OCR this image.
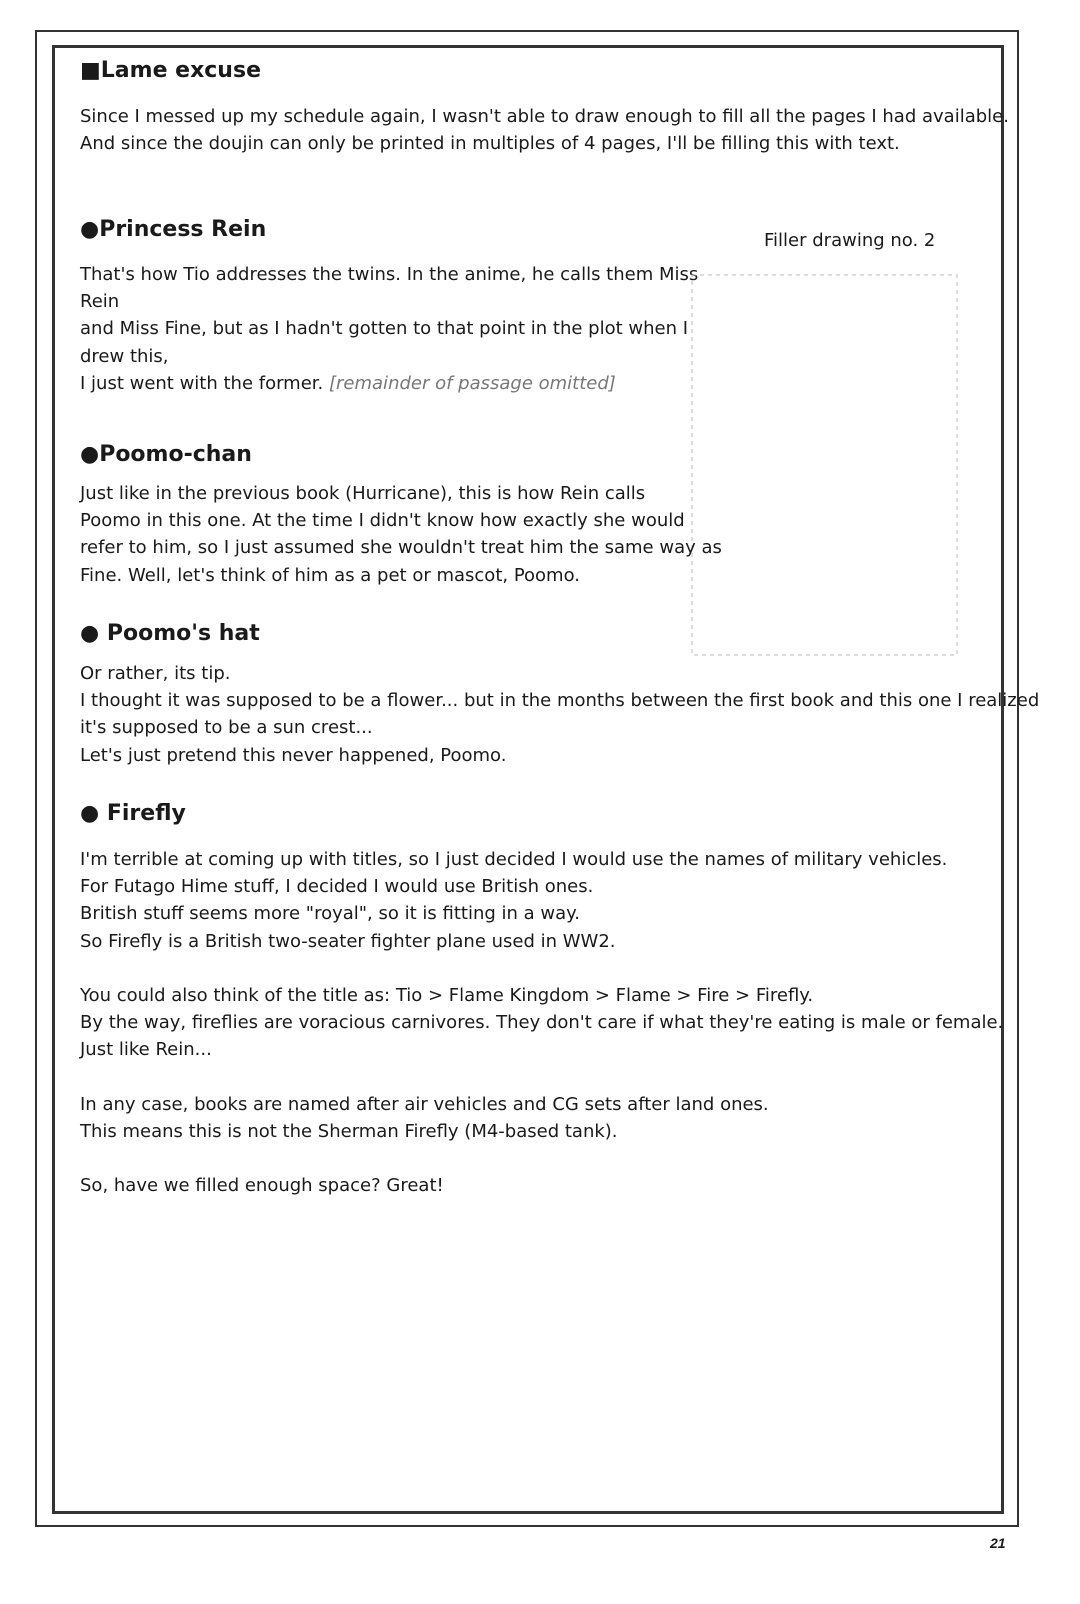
■Lame excuse
Since I messed up my schedule again, I wasn't able to draw enough to fill all the pages I had available.
And since the doujin can only be printed in multiples of 4 pages, I'll be filling this with text.
●Princess Rein
That's how Tio addresses the twins. In the anime, he calls them Miss Rein
and Miss Fine, but as I hadn't gotten to that point in the plot when I drew this,
I just went with the former. [remainder of passage omitted]
Filler drawing no. 2
●Poomo-chan
Just like in the previous book (Hurricane), this is how Rein calls
Poomo in this one. At the time I didn't know how exactly she would
refer to him, so I just assumed she wouldn't treat him the same way as
Fine. Well, let's think of him as a pet or mascot, Poomo.
● Poomo's hat
Or rather, its tip.
I thought it was supposed to be a flower... but in the months between the first book and this one I realized
it's supposed to be a sun crest...
Let's just pretend this never happened, Poomo.
● Firefly
I'm terrible at coming up with titles, so I just decided I would use the names of military vehicles.
For Futago Hime stuff, I decided I would use British ones.
British stuff seems more "royal", so it is fitting in a way.
So Firefly is a British two-seater fighter plane used in WW2.

You could also think of the title as: Tio > Flame Kingdom > Flame > Fire > Firefly.
By the way, fireflies are voracious carnivores. They don't care if what they're eating is male or female.
Just like Rein...

In any case, books are named after air vehicles and CG sets after land ones.
This means this is not the Sherman Firefly (M4-based tank).

So, have we filled enough space? Great!
21
